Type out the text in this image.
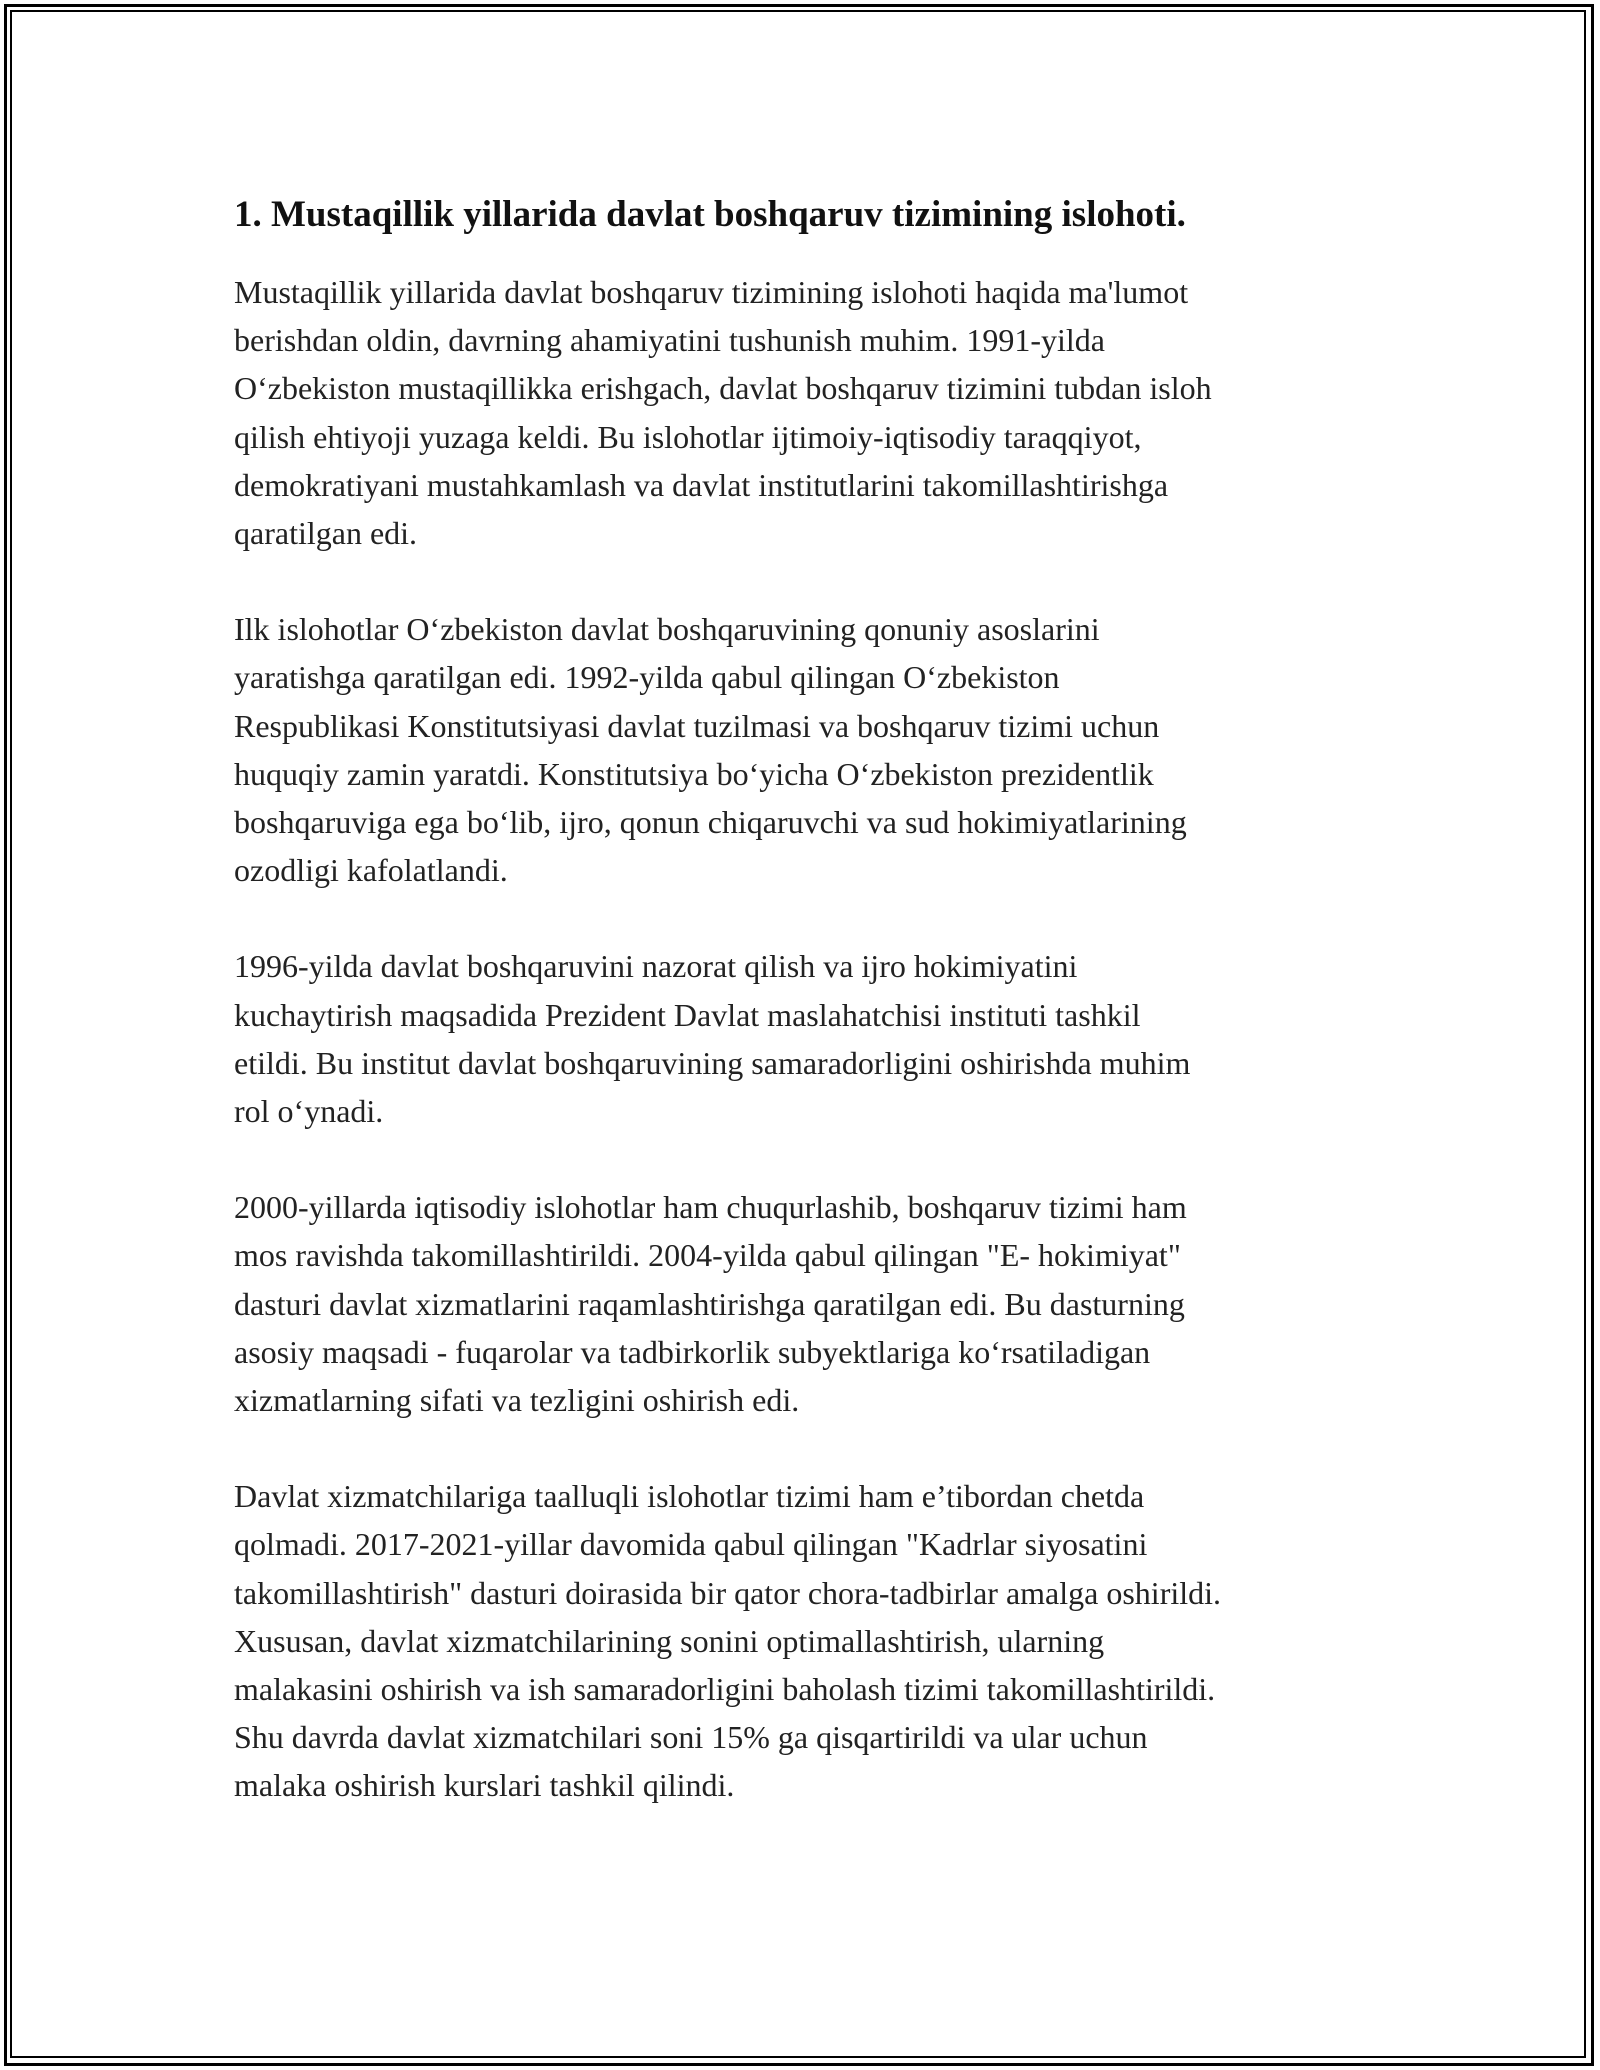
1. Mustaqillik yillarida davlat boshqaruv tizimining islohoti.

Mustaqillik yillarida davlat boshqaruv tizimining islohoti haqida ma'lumot
berishdan oldin, davrning ahamiyatini tushunish muhim. 1991-yilda
Oʻzbekiston mustaqillikka erishgach, davlat boshqaruv tizimini tubdan isloh
qilish ehtiyoji yuzaga keldi. Bu islohotlar ijtimoiy-iqtisodiy taraqqiyot,
demokratiyani mustahkamlash va davlat institutlarini takomillashtirishga
qaratilgan edi.

Ilk islohotlar Oʻzbekiston davlat boshqaruvining qonuniy asoslarini
yaratishga qaratilgan edi. 1992-yilda qabul qilingan Oʻzbekiston
Respublikasi Konstitutsiyasi davlat tuzilmasi va boshqaruv tizimi uchun
huquqiy zamin yaratdi. Konstitutsiya boʻyicha Oʻzbekiston prezidentlik
boshqaruviga ega boʻlib, ijro, qonun chiqaruvchi va sud hokimiyatlarining
ozodligi kafolatlandi.

1996-yilda davlat boshqaruvini nazorat qilish va ijro hokimiyatini
kuchaytirish maqsadida Prezident Davlat maslahatchisi instituti tashkil
etildi. Bu institut davlat boshqaruvining samaradorligini oshirishda muhim
rol oʻynadi.

2000-yillarda iqtisodiy islohotlar ham chuqurlashib, boshqaruv tizimi ham
mos ravishda takomillashtirildi. 2004-yilda qabul qilingan "E- hokimiyat"
dasturi davlat xizmatlarini raqamlashtirishga qaratilgan edi. Bu dasturning
asosiy maqsadi - fuqarolar va tadbirkorlik subyektlariga koʻrsatiladigan
xizmatlarning sifati va tezligini oshirish edi.

Davlat xizmatchilariga taalluqli islohotlar tizimi ham e’tibordan chetda
qolmadi. 2017-2021-yillar davomida qabul qilingan "Kadrlar siyosatini
takomillashtirish" dasturi doirasida bir qator chora-tadbirlar amalga oshirildi.
Xususan, davlat xizmatchilarining sonini optimallashtirish, ularning
malakasini oshirish va ish samaradorligini baholash tizimi takomillashtirildi.
Shu davrda davlat xizmatchilari soni 15% ga qisqartirildi va ular uchun
malaka oshirish kurslari tashkil qilindi.
